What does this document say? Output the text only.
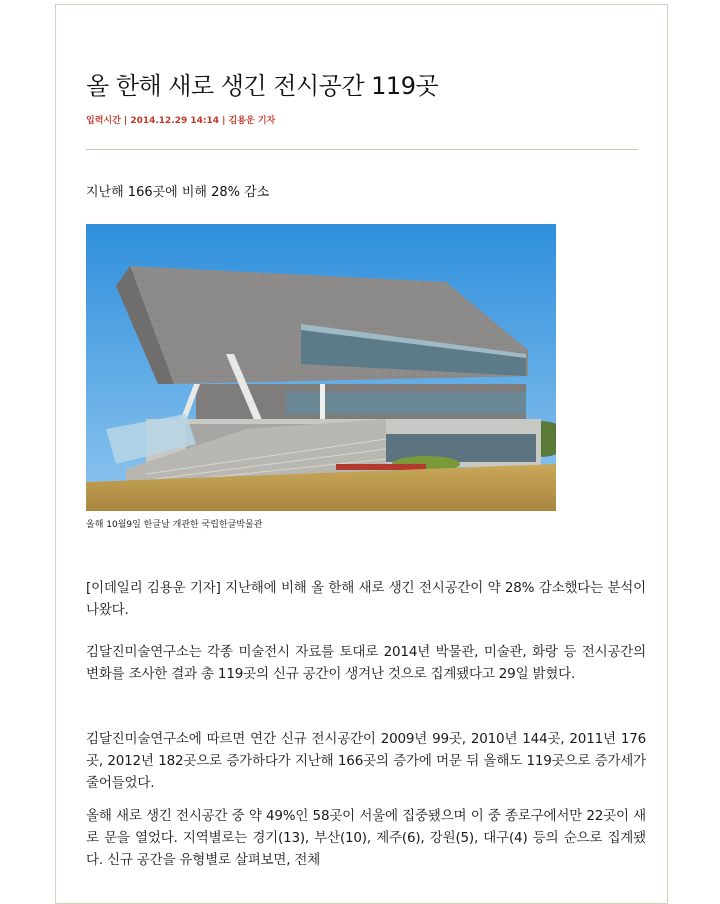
올 한해 새로 생긴 전시공간 119곳
입력시간 | 2014.12.29 14:14 | 김용운 기자
지난해 166곳에 비해 28% 감소
올해 10월9일 한글날 개관한 국립한글박물관

[이데일리 김용운 기자] 지난해에 비해 올 한해 새로 생긴 전시공간이 약 28% 감소했다는 분석이 나왔다.

김달진미술연구소는 각종 미술전시 자료를 토대로 2014년 박물관, 미술관, 화랑 등 전시공간의 변화를 조사한 결과 총 119곳의 신규 공간이 생겨난 것으로 집계됐다고 29일 밝혔다.

김달진미술연구소에 따르면 연간 신규 전시공간이 2009년 99곳, 2010년 144곳, 2011년 176곳, 2012년 182곳으로 증가하다가 지난해 166곳의 증가에 머문 뒤 올해도 119곳으로 증가세가 줄어들었다.

올해 새로 생긴 전시공간 중 약 49%인 58곳이 서울에 집중됐으며 이 중 종로구에서만 22곳이 새로 문을 열었다. 지역별로는 경기(13), 부산(10), 제주(6), 강원(5), 대구(4) 등의 순으로 집계됐다. 신규 공간을 유형별로 살펴보면, 전체
